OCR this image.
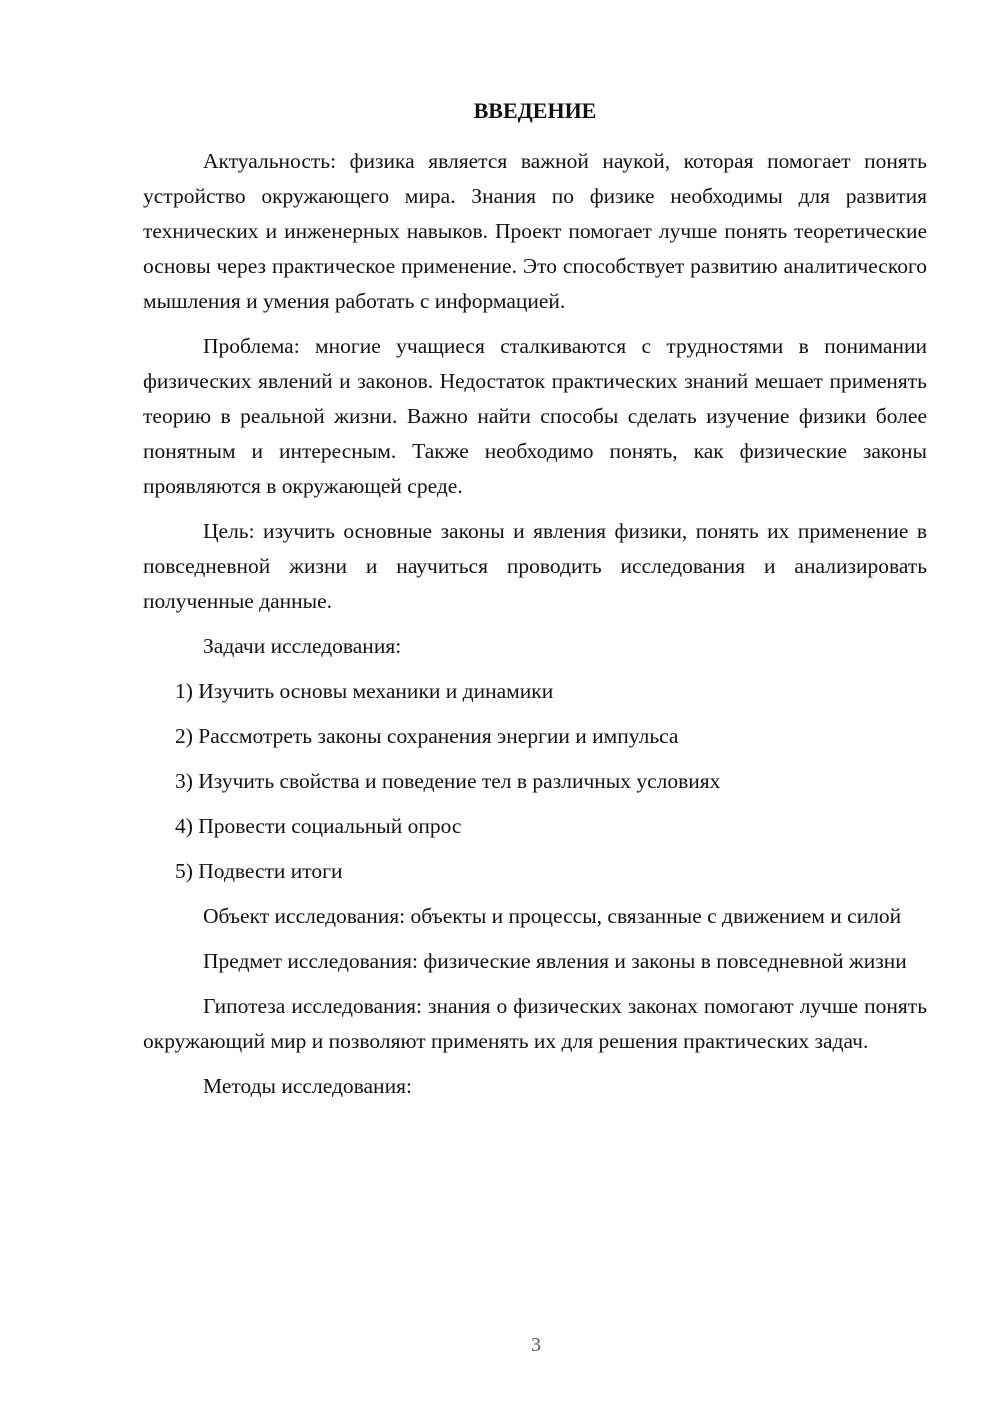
ВВЕДЕНИЕ

Актуальность: физика является важной наукой, которая помогает понять устройство окружающего мира. Знания по физике необходимы для развития технических и инженерных навыков. Проект помогает лучше понять теоретические основы через практическое применение. Это способствует развитию аналитического мышления и умения работать с информацией.

Проблема: многие учащиеся сталкиваются с трудностями в понимании физических явлений и законов. Недостаток практических знаний мешает применять теорию в реальной жизни. Важно найти способы сделать изучение физики более понятным и интересным. Также необходимо понять, как физические законы проявляются в окружающей среде.

Цель: изучить основные законы и явления физики, понять их применение в повседневной жизни и научиться проводить исследования и анализировать полученные данные.

Задачи исследования:

1) Изучить основы механики и динамики
2) Рассмотреть законы сохранения энергии и импульса
3) Изучить свойства и поведение тел в различных условиях
4) Провести социальный опрос
5) Подвести итоги

Объект исследования: объекты и процессы, связанные с движением и силой

Предмет исследования: физические явления и законы в повседневной жизни

Гипотеза исследования: знания о физических законах помогают лучше понять окружающий мир и позволяют применять их для решения практических задач.

Методы исследования:

3
